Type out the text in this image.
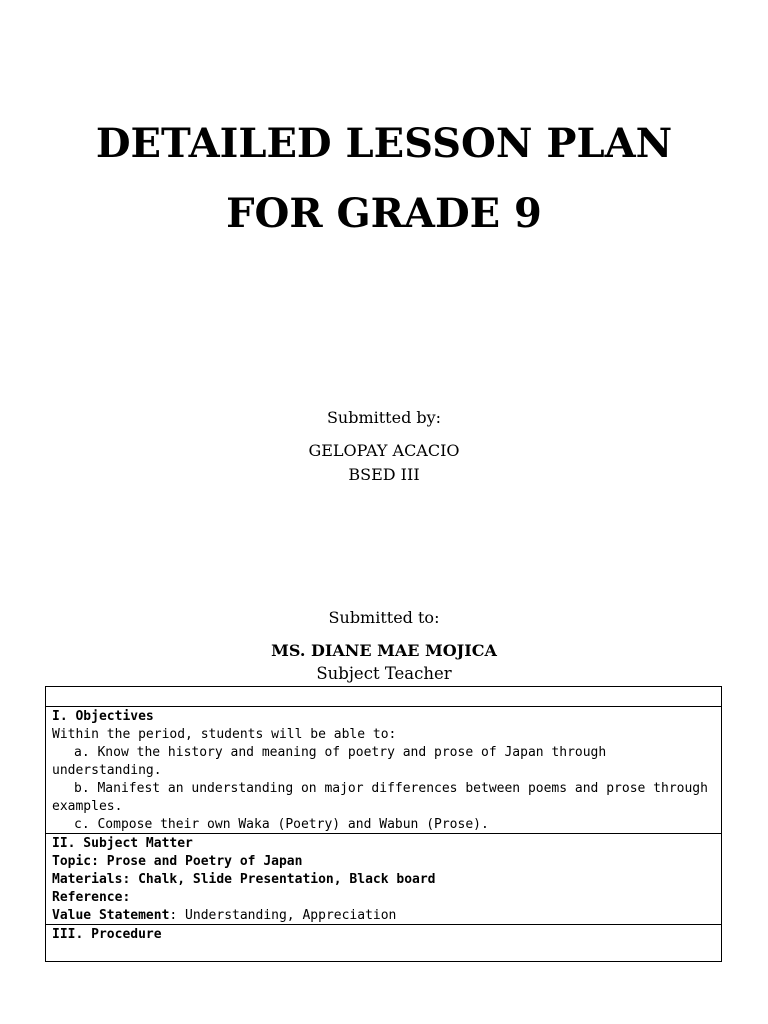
DETAILED LESSON PLAN
FOR GRADE 9
Submitted by:
GELOPAY ACACIO
BSED III
Submitted to:
MS. DIANE MAE MOJICA
Subject Teacher
I. Objectives
Within the period, students will be able to:
a. Know the history and meaning of poetry and prose of Japan through
understanding.
b. Manifest an understanding on major differences between poems and prose through
examples.
c. Compose their own Waka (Poetry) and Wabun (Prose).
II. Subject Matter
Topic: Prose and Poetry of Japan
Materials: Chalk, Slide Presentation, Black board
Reference:
Value Statement: Understanding, Appreciation
III. Procedure
